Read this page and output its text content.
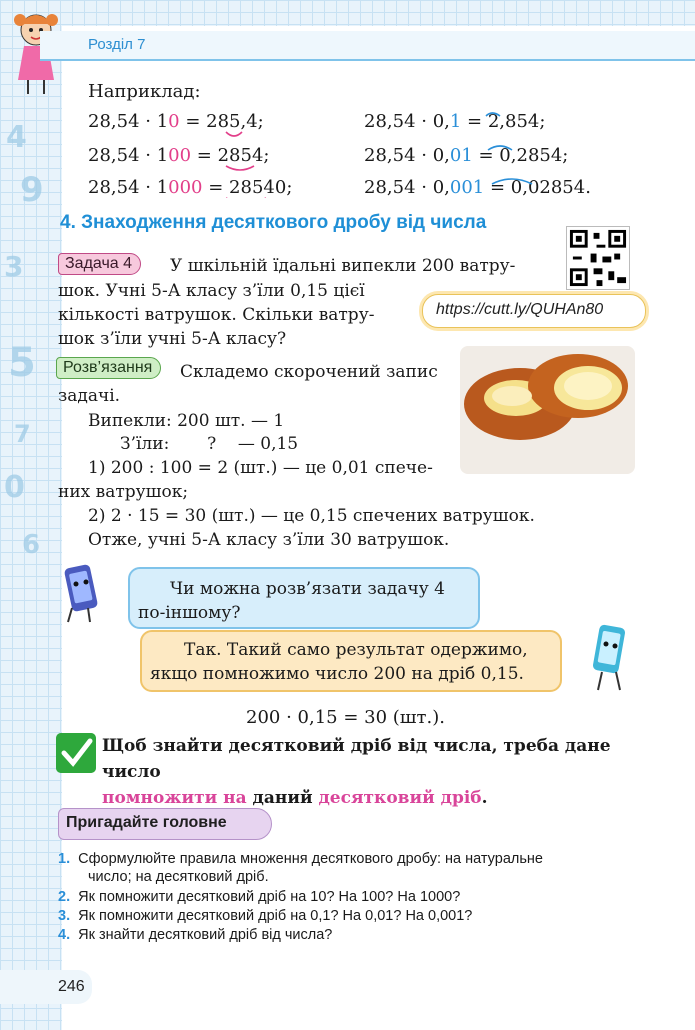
4
9
3
5
7
0
6
Розділ 7
Наприклад:
28,54 · 10 = 285,4;
28,54 · 100 = 2854;
28,54 · 1000 = 28540;
28,54 · 0,1 = 2,854;
28,54 · 0,01 = 0,2854;
28,54 · 0,001 = 0,02854.
4. Знаходження десяткового дробу від числа
Задача 4	У шкільній їдальні випекли 200 ватру-
шок. Учні 5-А класу з’їли 0,15 цієї
кількості ватрушок. Скільки ватру-
шок з’їли учні 5-А класу?
https://cutt.ly/QUHAn80
Розв’язання	Складемо скорочений запис
задачі.
Випекли: 200 шт. — 1
З’їли:       ?    — 0,15
1) 200 : 100 = 2 (шт.) — це 0,01 спече-
них ватрушок;
2) 2 · 15 = 30 (шт.) — це 0,15 спечених ватрушок.
Отже, учні 5-А класу з’їли 30 ватрушок.
Чи можна розв’язати задачу 4
по-іншому?
Так. Такий само результат одержимо,
якщо помножимо число 200 на дріб 0,15.
200 · 0,15 = 30 (шт.).
Щоб знайти десятковий дріб від числа, треба дане число
помножити на даний десятковий дріб.
Пригадайте головне
1. Сформулюйте правила множення десяткового дробу: на натуральне
число; на десятковий дріб.
2. Як помножити десятковий дріб на 10? На 100? На 1000?
3. Як помножити десятковий дріб на 0,1? На 0,01? На 0,001?
4. Як знайти десятковий дріб від числа?
246
